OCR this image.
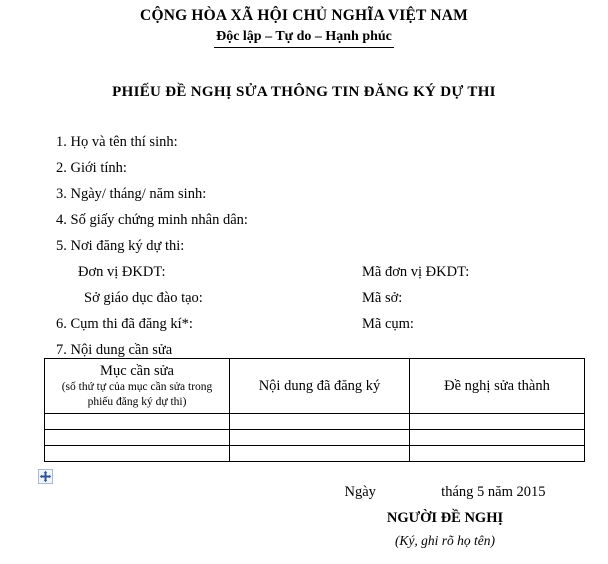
CỘNG HÒA XÃ HỘI CHỦ NGHĨA VIỆT NAM
Độc lập – Tự do – Hạnh phúc
PHIẾU ĐỀ NGHỊ SỬA THÔNG TIN ĐĂNG KÝ DỰ THI
1. Họ và tên thí sinh:
2. Giới tính:
3. Ngày/ tháng/ năm sinh:
4. Số giấy chứng minh nhân dân:
5. Nơi đăng ký dự thi:
Đơn vị ĐKDT:	Mã đơn vị ĐKDT:
Sở giáo dục đào tạo:	Mã sở:
6. Cụm thi đã đăng kí*:	Mã cụm:
7. Nội dung cần sửa
Mục cần sửa
(số thứ tự của mục cần sửa trong
phiếu đăng ký dự thi)	Nội dung đã đăng ký	Đề nghị sửa thành

Ngày	tháng 5 năm 2015
NGƯỜI ĐỀ NGHỊ
(Ký, ghi rõ họ tên)
